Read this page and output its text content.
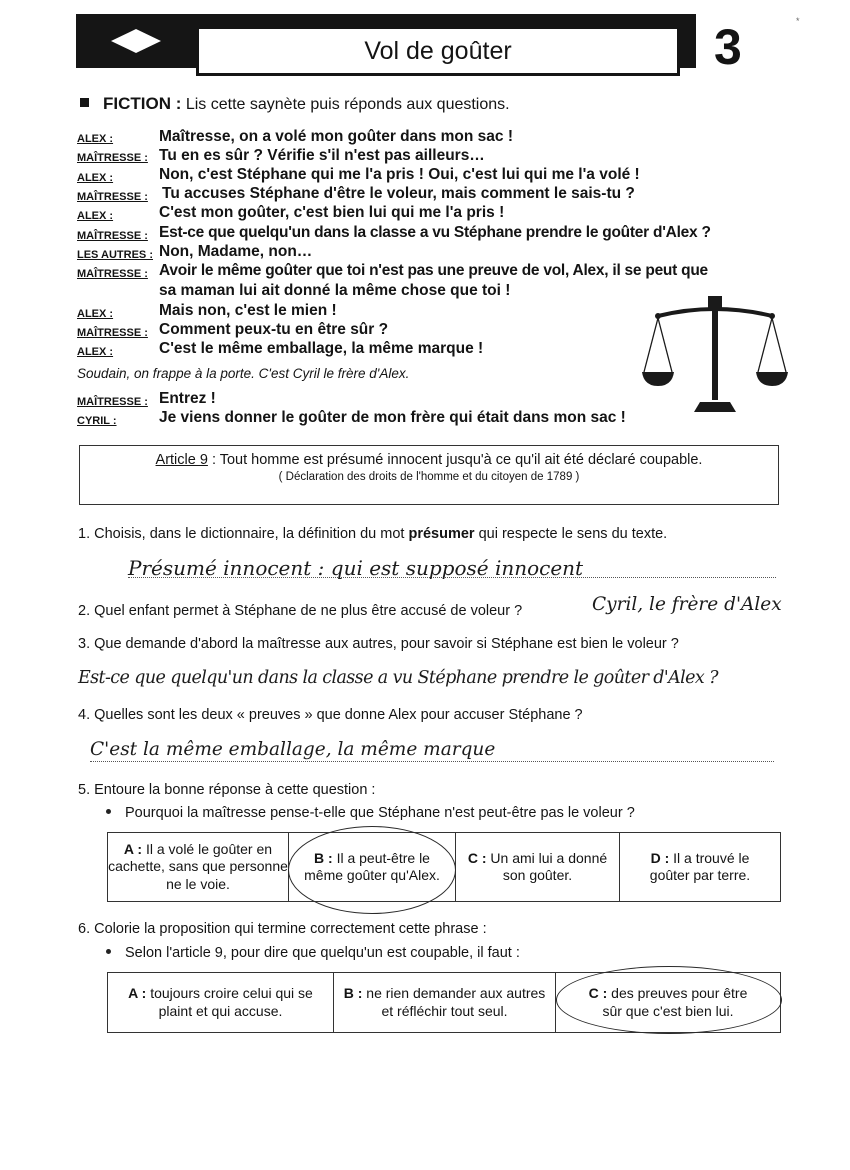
Vol de goûter	3	*
FICTION : Lis cette saynète puis réponds aux questions.
ALEX :	Maîtresse, on a volé mon goûter dans mon sac !
MAÎTRESSE : Tu en es sûr ? Vérifie s'il n'est pas ailleurs…
ALEX :	Non, c'est Stéphane qui me l'a pris ! Oui, c'est lui qui me l'a volé !
MAÎTRESSE : Tu accuses Stéphane d'être le voleur, mais comment le sais-tu ?
ALEX :	C'est mon goûter, c'est bien lui qui me l'a pris !
MAÎTRESSE : Est-ce que quelqu'un dans la classe a vu Stéphane prendre le goûter d'Alex ?
LES AUTRES : Non, Madame, non…
MAÎTRESSE : Avoir le même goûter que toi n'est pas une preuve de vol, Alex, il se peut que
sa maman lui ait donné la même chose que toi !
ALEX :	Mais non, c'est le mien !
MAÎTRESSE : Comment peux-tu en être sûr ?
ALEX :	C'est le même emballage, la même marque !
Soudain, on frappe à la porte. C'est Cyril le frère d'Alex.
MAÎTRESSE : Entrez !
CYRIL :	Je viens donner le goûter de mon frère qui était dans mon sac !
Article 9 : Tout homme est présumé innocent jusqu'à ce qu'il ait été déclaré coupable.
( Déclaration des droits de l'homme et du citoyen de 1789 )
1. Choisis, dans le dictionnaire, la définition du mot présumer qui respecte le sens du texte.
Présumé innocent : qui est supposé innocent
2. Quel enfant permet à Stéphane de ne plus être accusé de voleur ?	Cyril, le frère d'Alex
3. Que demande d'abord la maîtresse aux autres, pour savoir si Stéphane est bien le voleur ?
Est-ce que quelqu'un dans la classe a vu Stéphane prendre le goûter d'Alex ?
4. Quelles sont les deux « preuves » que donne Alex pour accuser Stéphane ?
C'est la même emballage, la même marque
5. Entoure la bonne réponse à cette question :
Pourquoi la maîtresse pense-t-elle que Stéphane n'est peut-être pas le voleur ?
A : Il a volé le goûter en cachette, sans que personne ne le voie.
B : Il a peut-être le même goûter qu'Alex.
C : Un ami lui a donné son goûter.
D : Il a trouvé le goûter par terre.
6. Colorie la proposition qui termine correctement cette phrase :
Selon l'article 9, pour dire que quelqu'un est coupable, il faut :
A : toujours croire celui qui se plaint et qui accuse.
B : ne rien demander aux autres et réfléchir tout seul.
C : des preuves pour être sûr que c'est bien lui.
